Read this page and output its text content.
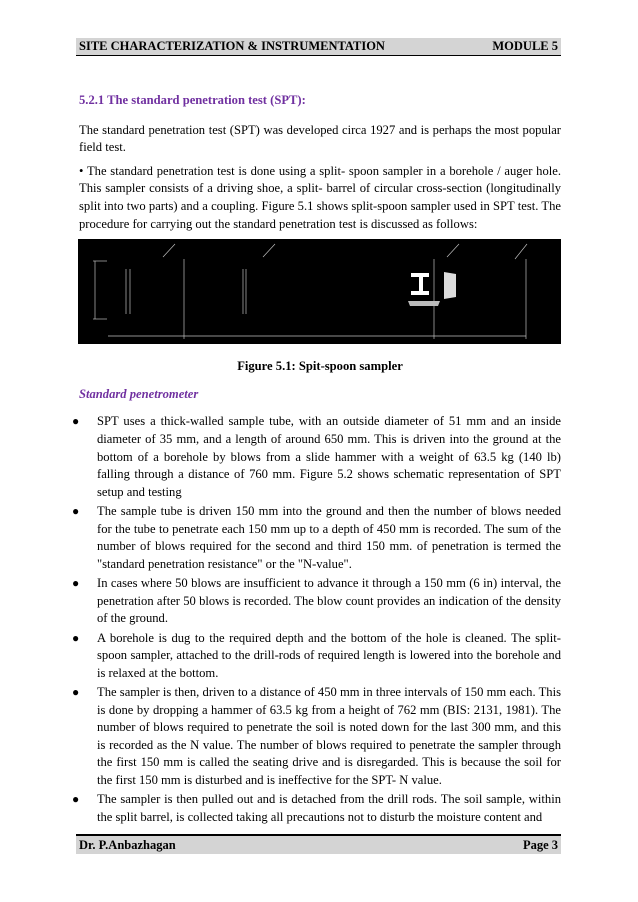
SITE CHARACTERIZATION & INSTRUMENTATION	MODULE 5
5.2.1 The standard penetration test (SPT):

The standard penetration test (SPT) was developed circa 1927 and is perhaps the most popular field test.

• The standard penetration test is done using a split- spoon sampler in a borehole / auger hole. This sampler consists of a driving shoe, a split- barrel of circular cross-section (longitudinally split into two parts) and a coupling. Figure 5.1 shows split-spoon sampler used in SPT test. The procedure for carrying out the standard penetration test is discussed as follows:

Figure 5.1: Spit-spoon sampler
Standard penetrometer
● SPT uses a thick-walled sample tube, with an outside diameter of 51 mm and an inside diameter of 35 mm, and a length of around 650 mm. This is driven into the ground at the bottom of a borehole by blows from a slide hammer with a weight of 63.5 kg (140 lb) falling through a distance of 760 mm. Figure 5.2 shows schematic representation of SPT setup and testing
● The sample tube is driven 150 mm into the ground and then the number of blows needed for the tube to penetrate each 150 mm up to a depth of 450 mm is recorded. The sum of the number of blows required for the second and third 150 mm. of penetration is termed the "standard penetration resistance" or the "N-value".
● In cases where 50 blows are insufficient to advance it through a 150 mm (6 in) interval, the penetration after 50 blows is recorded. The blow count provides an indication of the density of the ground.
● A borehole is dug to the required depth and the bottom of the hole is cleaned. The split-spoon sampler, attached to the drill-rods of required length is lowered into the borehole and is relaxed at the bottom.
● The sampler is then, driven to a distance of 450 mm in three intervals of 150 mm each. This is done by dropping a hammer of 63.5 kg from a height of 762 mm (BIS: 2131, 1981). The number of blows required to penetrate the soil is noted down for the last 300 mm, and this is recorded as the N value. The number of blows required to penetrate the sampler through the first 150 mm is called the seating drive and is disregarded. This is because the soil for the first 150 mm is disturbed and is ineffective for the SPT- N value.
● The sampler is then pulled out and is detached from the drill rods. The soil sample, within the split barrel, is collected taking all precautions not to disturb the moisture content and
Dr. P.Anbazhagan	Page 3
